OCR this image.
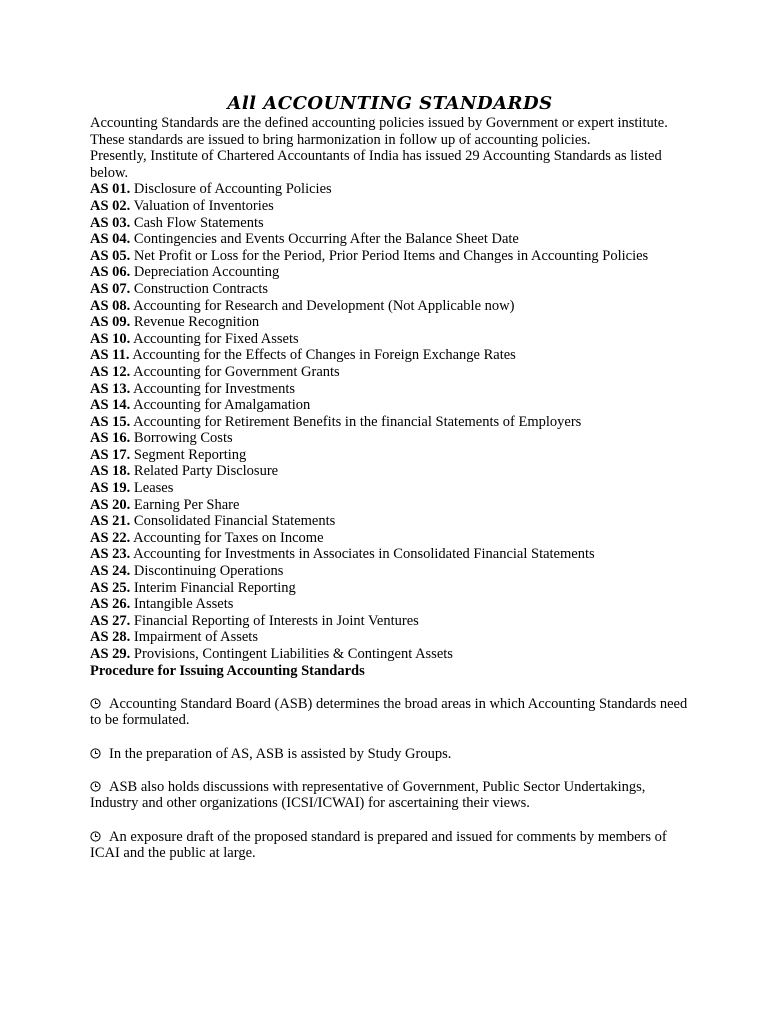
All ACCOUNTING STANDARDS

Accounting Standards are the defined accounting policies issued by Government or expert institute. These standards are issued to bring harmonization in follow up of accounting policies.

Presently, Institute of Chartered Accountants of India has issued 29 Accounting Standards as listed below.

AS 01. Disclosure of Accounting Policies
AS 02. Valuation of Inventories
AS 03. Cash Flow Statements
AS 04. Contingencies and Events Occurring After the Balance Sheet Date
AS 05. Net Profit or Loss for the Period, Prior Period Items and Changes in Accounting Policies
AS 06. Depreciation Accounting
AS 07. Construction Contracts
AS 08. Accounting for Research and Development (Not Applicable now)
AS 09. Revenue Recognition
AS 10. Accounting for Fixed Assets
AS 11. Accounting for the Effects of Changes in Foreign Exchange Rates
AS 12. Accounting for Government Grants
AS 13. Accounting for Investments
AS 14. Accounting for Amalgamation
AS 15. Accounting for Retirement Benefits in the financial Statements of Employers
AS 16. Borrowing Costs
AS 17. Segment Reporting
AS 18. Related Party Disclosure
AS 19. Leases
AS 20. Earning Per Share
AS 21. Consolidated Financial Statements
AS 22. Accounting for Taxes on Income
AS 23. Accounting for Investments in Associates in Consolidated Financial Statements
AS 24. Discontinuing Operations
AS 25. Interim Financial Reporting
AS 26. Intangible Assets
AS 27. Financial Reporting of Interests in Joint Ventures
AS 28. Impairment of Assets
AS 29. Provisions, Contingent Liabilities & Contingent Assets

Procedure for Issuing Accounting Standards

Accounting Standard Board (ASB) determines the broad areas in which Accounting Standards need to be formulated.
In the preparation of AS, ASB is assisted by Study Groups.
ASB also holds discussions with representative of Government, Public Sector Undertakings, Industry and other organizations (ICSI/ICWAI) for ascertaining their views.
An exposure draft of the proposed standard is prepared and issued for comments by members of ICAI and the public at large.
